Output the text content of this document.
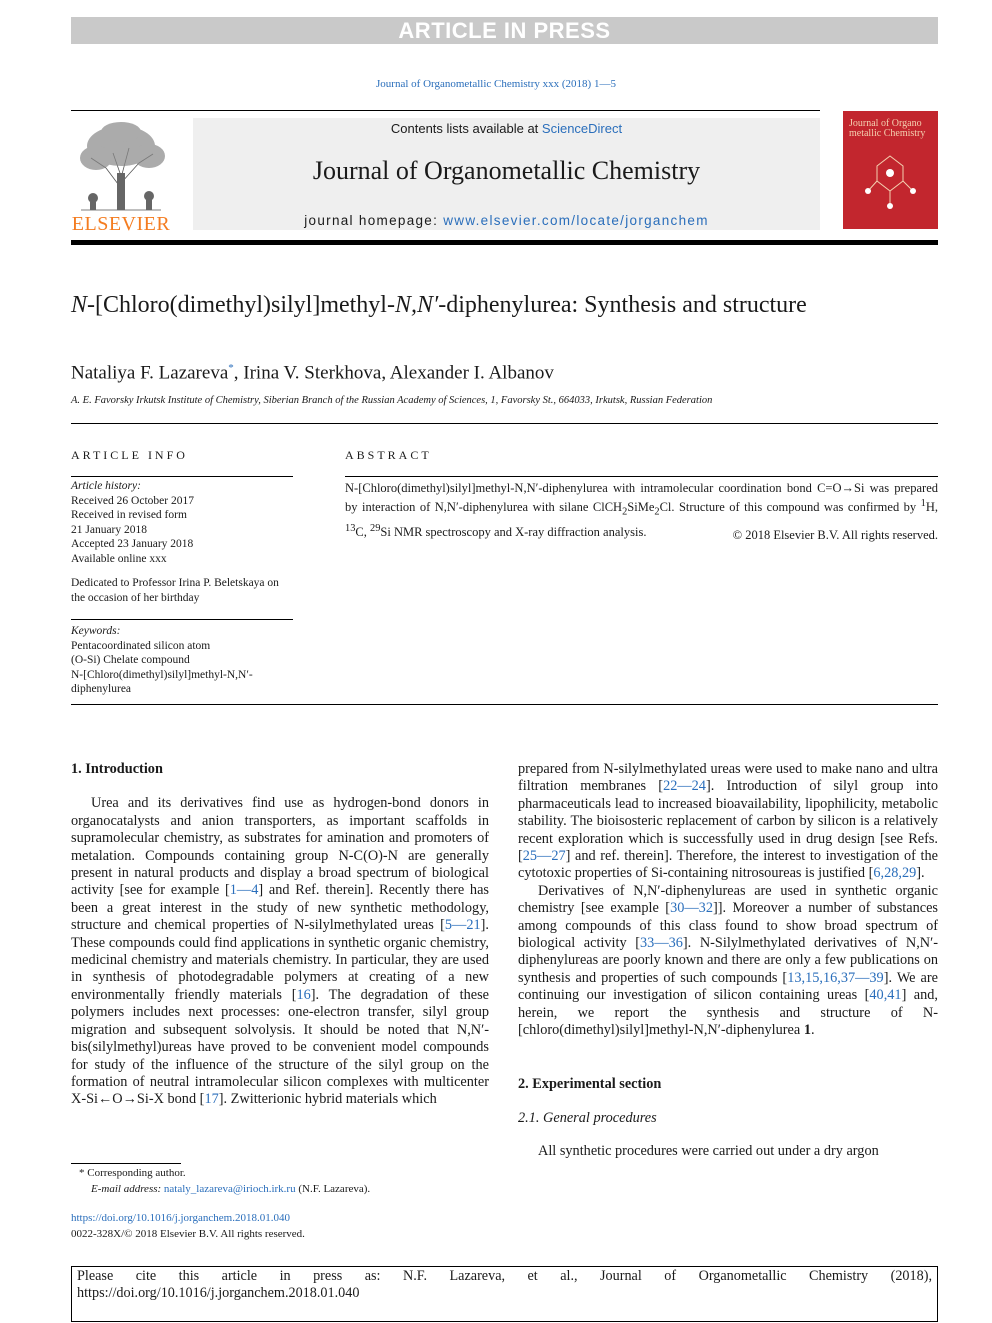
ARTICLE IN PRESS
Journal of Organometallic Chemistry xxx (2018) 1—5
ELSEVIER
Contents lists available at ScienceDirect
Journal of Organometallic Chemistry
journal homepage: www.elsevier.com/locate/jorganchem
Journal of Organo metallic Chemistry
N-[Chloro(dimethyl)silyl]methyl-N,N′-diphenylurea: Synthesis and structure
Nataliya F. Lazareva*, Irina V. Sterkhova, Alexander I. Albanov
A. E. Favorsky Irkutsk Institute of Chemistry, Siberian Branch of the Russian Academy of Sciences, 1, Favorsky St., 664033, Irkutsk, Russian Federation
ARTICLE INFO	ABSTRACT
Article history:
Received 26 October 2017
Received in revised form
21 January 2018
Accepted 23 January 2018
Available online xxx
Dedicated to Professor Irina P. Beletskaya on the occasion of her birthday
Keywords:
Pentacoordinated silicon atom
(O-Si) Chelate compound
N-[Chloro(dimethyl)silyl]methyl-N,N′-
diphenylurea
N-[Chloro(dimethyl)silyl]methyl-N,N′-diphenylurea with intramolecular coordination bond C=O→Si was prepared by interaction of N,N′-diphenylurea with silane ClCH$_2$SiMe$_2$Cl. Structure of this compound was confirmed by $^1$H, $^{13}$C, $^{29}$Si NMR spectroscopy and X-ray diffraction analysis.	© 2018 Elsevier B.V. All rights reserved.
1. Introduction

Urea and its derivatives find use as hydrogen-bond donors in organocatalysts and anion transporters, as important scaffolds in supramolecular chemistry, as substrates for amination and promoters of metalation. Compounds containing group N-C(O)-N are generally present in natural products and display a broad spectrum of biological activity [see for example [1—4] and Ref. therein]. Recently there has been a great interest in the study of new synthetic methodology, structure and chemical properties of N-silylmethylated ureas [5—21]. These compounds could find applications in synthetic organic chemistry, medicinal chemistry and materials chemistry. In particular, they are used in synthesis of photodegradable polymers at creating of a new environmentally friendly materials [16]. The degradation of these polymers includes next processes: one-electron transfer, silyl group migration and subsequent solvolysis. It should be noted that N,N′-bis(silylmethyl)ureas have proved to be convenient model compounds for study of the influence of the structure of the silyl group on the formation of neutral intramolecular silicon complexes with multicenter X-Si←O→Si-X bond [17]. Zwitterionic hybrid materials which

prepared from N-silylmethylated ureas were used to make nano and ultra filtration membranes [22—24]. Introduction of silyl group into pharmaceuticals lead to increased bioavailability, lipophilicity, metabolic stability. The bioisosteric replacement of carbon by silicon is a relatively recent exploration which is successfully used in drug design [see Refs. [25—27] and ref. therein]. Therefore, the interest to investigation of the cytotoxic properties of Si-containing nitrosoureas is justified [6,28,29].

Derivatives of N,N′-diphenylureas are used in synthetic organic chemistry [see example [30—32]]. Moreover a number of substances among compounds of this class found to show broad spectrum of biological activity [33—36]. N-Silylmethylated derivatives of N,N′-diphenylureas are poorly known and there are only a few publications on synthesis and properties of such compounds [13,15,16,37—39]. We are continuing our investigation of silicon containing ureas [40,41] and, herein, we report the synthesis and structure of N-[chloro(dimethyl)silyl]methyl-N,N′-diphenylurea 1.

2. Experimental section
2.1. General procedures

All synthetic procedures were carried out under a dry argon

* Corresponding author.
E-mail address: nataly_lazareva@irioch.irk.ru (N.F. Lazareva).
https://doi.org/10.1016/j.jorganchem.2018.01.040
0022-328X/© 2018 Elsevier B.V. All rights reserved.
Please cite this article in press as: N.F. Lazareva, et al., Journal of Organometallic Chemistry (2018), https://doi.org/10.1016/j.jorganchem.2018.01.040
